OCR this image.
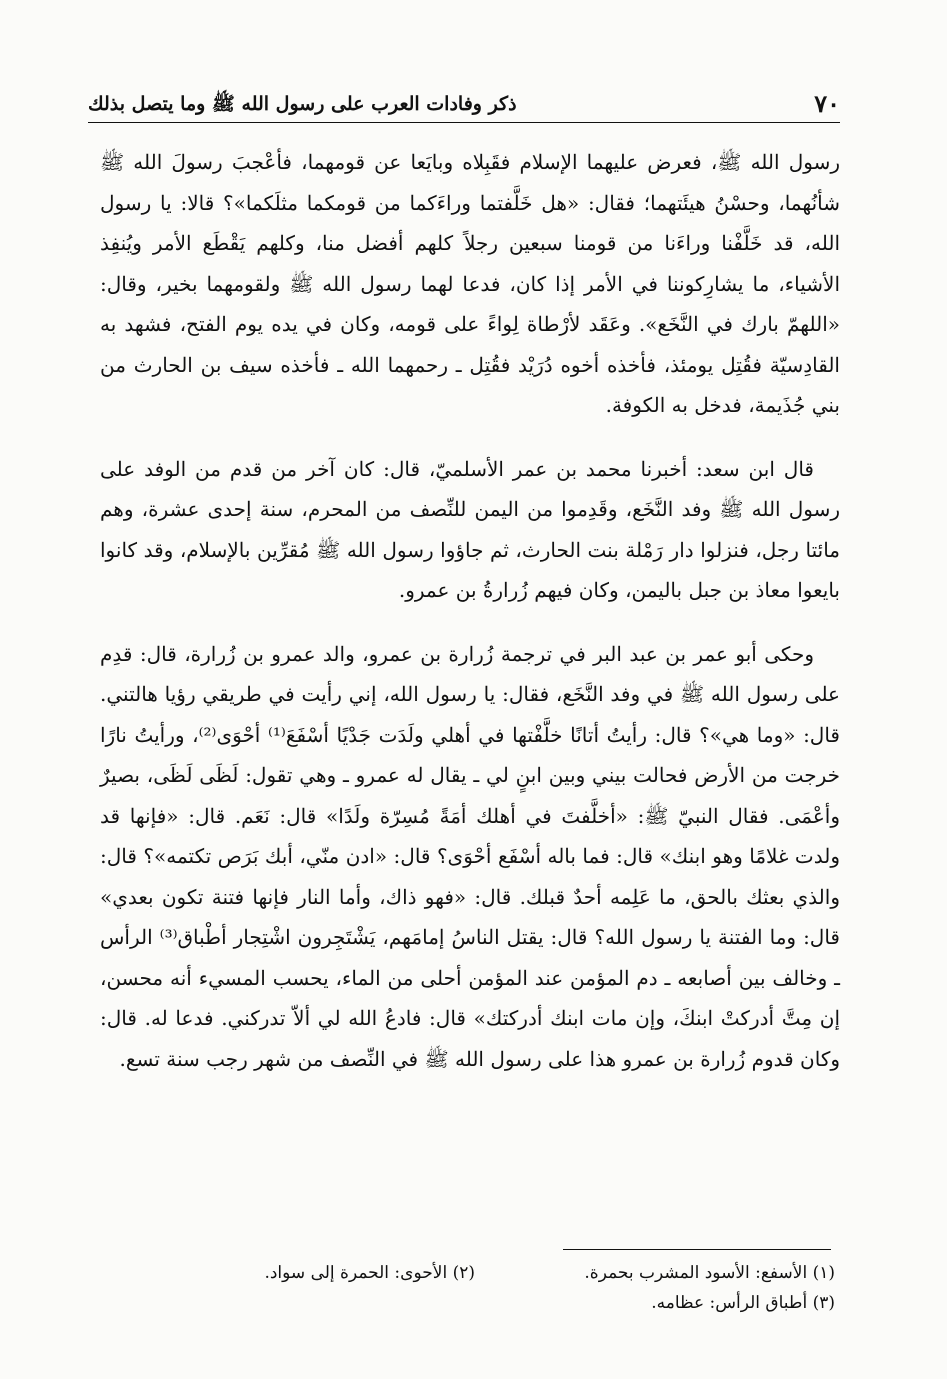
٧٠
ذكر وفادات العرب على رسول الله ﷺ وما يتصل بذلك

رسول الله ﷺ، فعرض عليهما الإسلام فقَبِلاه وبايَعا عن قومهما، فأعْجبَ رسولَ الله ﷺ شأنُهما، وحسْنُ هيئَتهما؛ فقال: «هل خَلَّفتما وراءَكما من قومكما مثلَكما»؟ قالا: يا رسول الله، قد خَلَّفْنا وراءَنا من قومنا سبعين رجلاً كلهم أفضل منا، وكلهم يَقْطَع الأمر ويُنفِذ الأشياء، ما يشارِكوننا في الأمر إذا كان، فدعا لهما رسول الله ﷺ ولقومهما بخير، وقال: «اللهمّ بارك في النَّخَع». وعَقَد لأرْطاة لِواءً على قومه، وكان في يده يوم الفتح، فشهد به القادِسيّة فقُتِل يومئذ، فأخذه أخوه دُرَيْد فقُتِل ـ رحمهما الله ـ فأخذه سيف بن الحارث من بني جُذَيمة، فدخل به الكوفة.

قال ابن سعد: أخبرنا محمد بن عمر الأسلميّ، قال: كان آخر من قدم من الوفد على رسول الله ﷺ وفد النَّخَع، وقَدِموا من اليمن للنِّصف من المحرم، سنة إحدى عشرة، وهم مائتا رجل، فنزلوا دار رَمْلة بنت الحارث، ثم جاؤوا رسول الله ﷺ مُقرِّين بالإسلام، وقد كانوا بايعوا معاذ بن جبل باليمن، وكان فيهم زُرارةُ بن عمرو.

وحكى أبو عمر بن عبد البر في ترجمة زُرارة بن عمرو، والد عمرو بن زُرارة، قال: قدِم على رسول الله ﷺ في وفد النَّخَع، فقال: يا رسول الله، إني رأيت في طريقي رؤيا هالتني. قال: «وما هي»؟ قال: رأيتُ أتانًا خلَّفْتها في أهلي ولَدَت جَدْيًا أسْفَعَ⁽¹⁾ أحْوَى⁽²⁾، ورأيتُ نارًا خرجت من الأرض فحالت بيني وبين ابنٍ لي ـ يقال له عمرو ـ وهي تقول: لَظَى لَظَى، بصيرٌ وأعْمَى. فقال النبيّ ﷺ: «أخلَّفتَ في أهلك أمَةً مُسِرّة ولَدًا» قال: نَعَم. قال: «فإنها قد ولدت غلامًا وهو ابنك» قال: فما باله أسْفَع أحْوَى؟ قال: «ادن منّي، أبك بَرَص تكتمه»؟ قال: والذي بعثك بالحق، ما عَلِمه أحدٌ قبلك. قال: «فهو ذاك، وأما النار فإنها فتنة تكون بعدي» قال: وما الفتنة يا رسول الله؟ قال: يقتل الناسُ إمامَهم، يَشْتَجِرون اشْتِجار أطْباق⁽³⁾ الرأس ـ وخالف بين أصابعه ـ دم المؤمن عند المؤمن أحلى من الماء، يحسب المسيء أنه محسن، إن مِتَّ أدركتْ ابنكَ، وإن مات ابنك أدركتك» قال: فادعُ الله لي ألاّ تدركني. فدعا له. قال: وكان قدوم زُرارة بن عمرو هذا على رسول الله ﷺ في النِّصف من شهر رجب سنة تسع.

(١) الأسفع: الأسود المشرب بحمرة.
(٢) الأحوى: الحمرة إلى سواد.
(٣) أطباق الرأس: عظامه.
